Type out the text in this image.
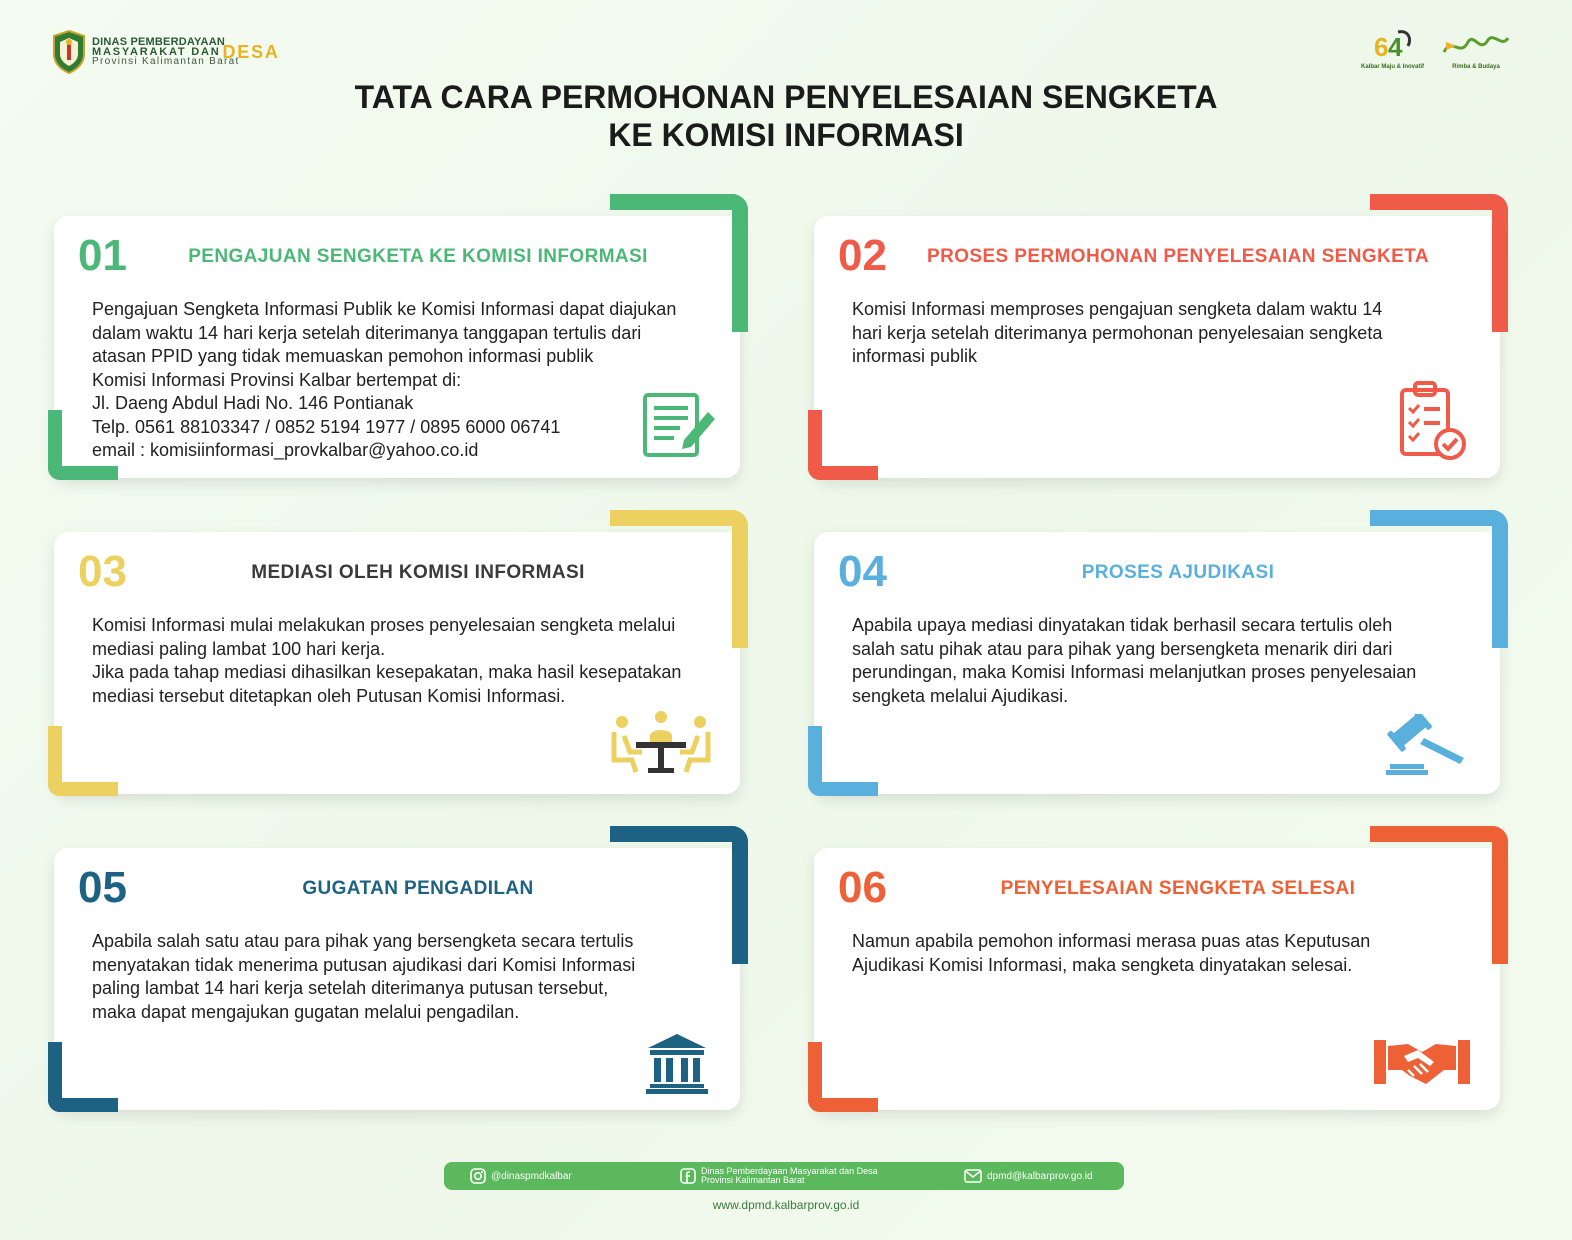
DINAS PEMBERDAYAAN
MASYARAKAT DAN DESA
Provinsi Kalimantan Barat	6 4
Kalbar Maju & Inovatif	Rimba & Budaya
TATA CARA PERMOHONAN PENYELESAIAN SENGKETA
KE KOMISI INFORMASI
01	PENGAJUAN SENGKETA KE KOMISI INFORMASI

Pengajuan Sengketa Informasi Publik ke Komisi Informasi dapat diajukan

dalam waktu 14 hari kerja setelah diterimanya tanggapan tertulis dari

atasan PPID yang tidak memuaskan pemohon informasi publik

Komisi Informasi Provinsi Kalbar bertempat di:

Jl. Daeng Abdul Hadi No. 146 Pontianak

Telp. 0561 88103347 / 0852 5194 1977 / 0895 6000 06741

email : komisiinformasi_provkalbar@yahoo.co.id

02	PROSES PERMOHONAN PENYELESAIAN SENGKETA

Komisi Informasi memproses pengajuan sengketa dalam waktu 14

hari kerja setelah diterimanya permohonan penyelesaian sengketa

informasi publik

03	MEDIASI OLEH KOMISI INFORMASI

Komisi Informasi mulai melakukan proses penyelesaian sengketa melalui

mediasi paling lambat 100 hari kerja.

Jika pada tahap mediasi dihasilkan kesepakatan, maka hasil kesepatakan

mediasi tersebut ditetapkan oleh Putusan Komisi Informasi.

04	PROSES AJUDIKASI

Apabila upaya mediasi dinyatakan tidak berhasil secara tertulis oleh

salah satu pihak atau para pihak yang bersengketa menarik diri dari

perundingan, maka Komisi Informasi melanjutkan proses penyelesaian

sengketa melalui Ajudikasi.

05	GUGATAN PENGADILAN

Apabila salah satu atau para pihak yang bersengketa secara tertulis

menyatakan tidak menerima putusan ajudikasi dari Komisi Informasi

paling lambat 14 hari kerja setelah diterimanya putusan tersebut,

maka dapat mengajukan gugatan melalui pengadilan.

06	PENYELESAIAN SENGKETA SELESAI

Namun apabila pemohon informasi merasa puas atas Keputusan

Ajudikasi Komisi Informasi, maka sengketa dinyatakan selesai.

@dinaspmdkalbar	Dinas Pemberdayaan Masyarakat dan Desa
Provinsi Kalimantan Barat	dpmd@kalbarprov.go.id
www.dpmd.kalbarprov.go.id
